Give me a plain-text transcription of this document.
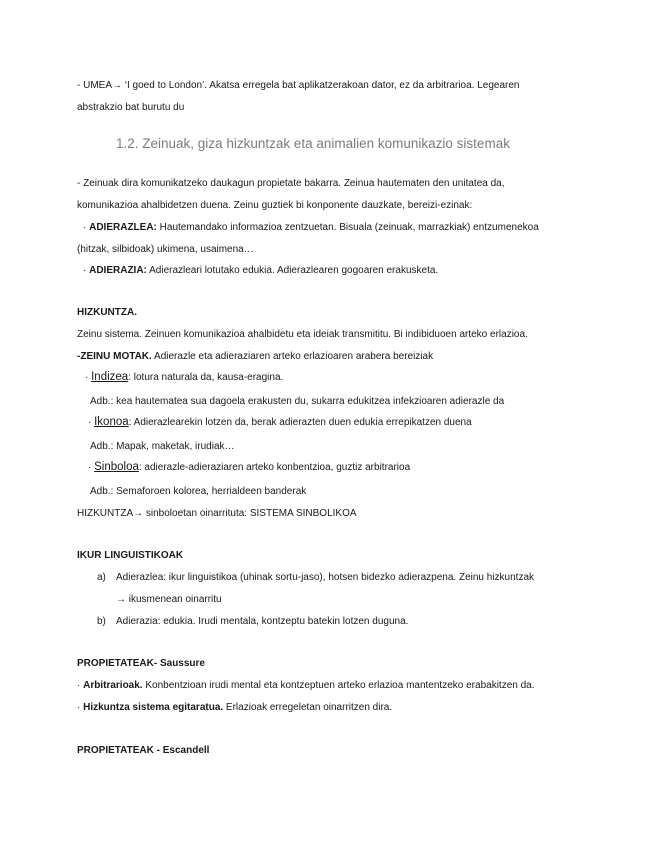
- UMEA→ ‘I goed to London’. Akatsa erregela bat aplikatzerakoan dator, ez da arbitrarioa. Legearen
abstrakzio bat burutu du
1.2. Zeinuak, giza hizkuntzak eta animalien komunikazio sistemak
- Zeinuak dira komunikatzeko daukagun propietate bakarra. Zeinua hautematen den unitatea da,
komunikazioa ahalbidetzen duena. Zeinu guztiek bi konponente dauzkate, bereizi-ezinak:
· ADIERAZLEA: Hautemandako informazioa zentzuetan. Bisuala (zeinuak, marrazkiak) entzumenekoa
(hitzak, silbidoak) ukimena, usaimena…
· ADIERAZIA: Adierazleari lotutako edukia. Adierazlearen gogoaren erakusketa.
HIZKUNTZA.
Zeinu sistema. Zeinuen komunikazioa ahalbidetu eta ideiak transmititu. Bi indibiduoen arteko erlazioa.
-ZEINU MOTAK. Adierazle eta adieraziaren arteko erlazioaren arabera bereiziak
· Indizea: lotura naturala da, kausa-eragina.
Adb.: kea hautematea sua dagoela erakusten du, sukarra edukitzea infekzioaren adierazle da
· Ikonoa: Adierazlearekin lotzen da, berak adierazten duen edukia errepikatzen duena
Adb.: Mapak, maketak, irudiak…
· Sinboloa: adierazle-adieraziaren arteko konbentzioa, guztiz arbitrarioa
Adb.: Semaforoen kolorea, herrialdeen banderak
HIZKUNTZA→ sinboloetan oinarrituta: SISTEMA SINBOLIKOA
IKUR LINGUISTIKOAK
a) Adierazlea: ikur linguistikoa (uhinak sortu-jaso), hotsen bidezko adierazpena. Zeinu hizkuntzak
→ ikusmenean oinarritu
b) Adierazia: edukia. Irudi mentala, kontzeptu batekin lotzen duguna.
PROPIETATEAK- Saussure
· Arbitrarioak. Konbentzioan irudi mental eta kontzeptuen arteko erlazioa mantentzeko erabakitzen da.
· Hizkuntza sistema egitaratua. Erlazioak erregeletan oinarritzen dira.
PROPIETATEAK - Escandell
